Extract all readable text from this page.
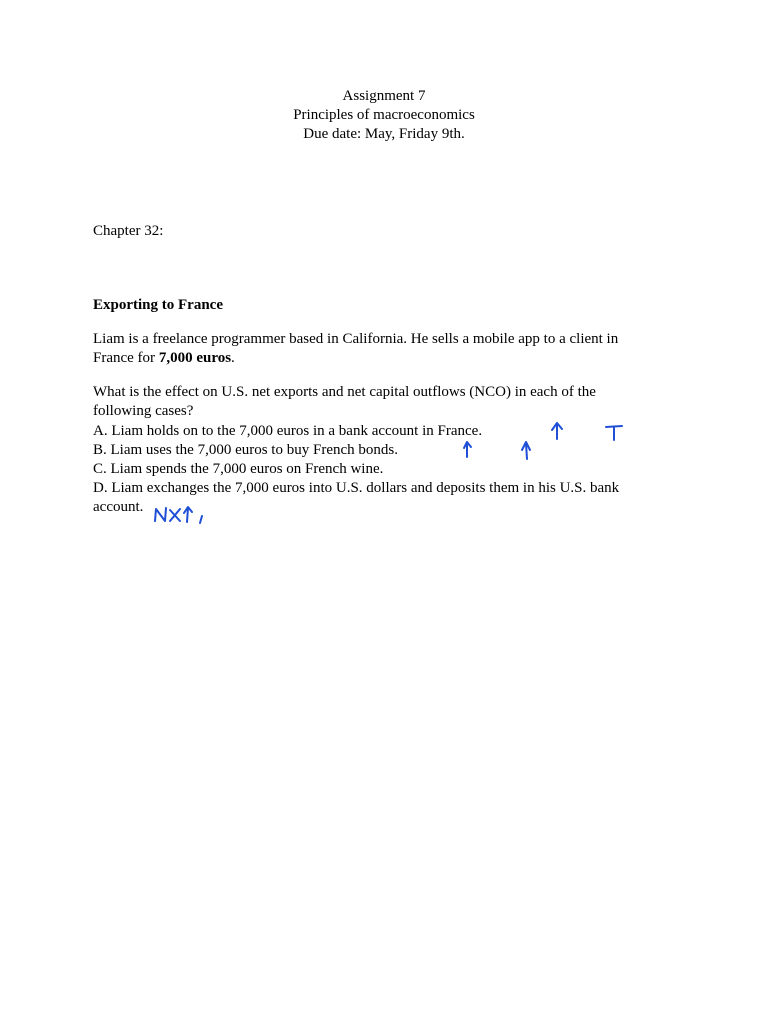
Assignment 7
Principles of macroeconomics
Due date: May, Friday 9th.
Chapter 32:
Exporting to France
Liam is a freelance programmer based in California. He sells a mobile app to a client in France for 7,000 euros.
What is the effect on U.S. net exports and net capital outflows (NCO) in each of the following cases?
A. Liam holds on to the 7,000 euros in a bank account in France.
B. Liam uses the 7,000 euros to buy French bonds.
C. Liam spends the 7,000 euros on French wine.
D. Liam exchanges the 7,000 euros into U.S. dollars and deposits them in his U.S. bank account.
NX↑,
